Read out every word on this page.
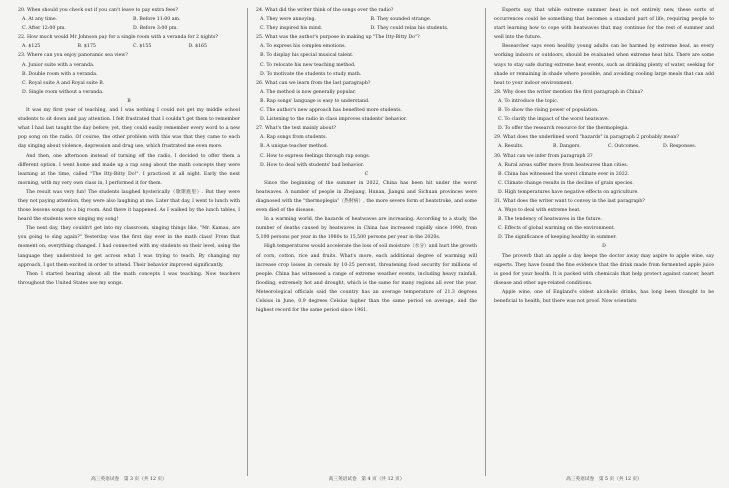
20. When should you check out if you can't leave to pay extra fees?

A. At any time.	B. Before 11:00 am.
C. After 12:00 pm.	D. Before 3:00 pm.

22. How much would Mr Johnson pay for a single room with a veranda for 2 nights?

A. $125	B. $175	C. $155	D. $165

23. Where can you enjoy panoramic sea view?

A. Junior suite with a veranda.

B. Double room with a veranda.

C. Royal suite A and Royal suite B.

D. Single room without a veranda.

B

It was my first year of teaching, and I was nothing I could not get my middle school students to sit down and pay attention. I felt frustrated that I couldn't get them to remember what I had last taught the day before; yet, they could easily remember every word to a new pop song on the radio. Of course, the other problem with this was that they came to each day singing about violence, depression and drug use, which frustrated me even more.

And then, one afternoon instead of turning off the radio, I decided to offer them a different option. I went home and made up a rap song about the math concepts they were learning at the time, called "The Itty-Bitty Do!". I practiced it all night. Early the next morning, with my very own class in, I performed it for them.

The result was very fun! The students laughed hysterically（歇斯底里）. But they were they not paying attention, they were also laughing at me. Later that day, I went to lunch with those lessons songs to a big room. And there it happened. As I walked by the lunch tables, I heard the students were singing my song!

The next day, they couldn't get into my classroom, singing things like, "Mr. Kamau, are you going to sing again?" Yesterday was the first day ever in the math class! From that moment on, everything changed. I had connected with my students on their level, using the language they understood to get across what I was trying to teach. By changing my approach, I got them excited in order to attend. Their behavior improved significantly.

Then I started hearing about all the math concepts I was teaching. Now teachers throughout the United States use my songs.

24. What did the writer think of the songs over the radio?

A. They were annoying.	B. They sounded strange.
C. They inspired his mind.	D. They could relax his students.

25. What was the author's purpose in making up "The Itty-Bitty Do"?

A. To express his complex emotions.

B. To display his special musical talent.

C. To relocate his new teaching method.

D. To motivate the students to study math.

26. What can we learn from the last paragraph?

A. The method is now generally popular.

B. Rap songs' language is easy to understand.

C. The author's new approach has benefited more students.

D. Listening to the radio in class improves students' behavior.

27. What's the text mainly about?

A. Rap songs from students.

B. A unique teacher method.

C. How to express feelings through rap songs.

D. How to deal with students' bad behavior.

C

Since the beginning of the summer in 2022, China has been hit under the worst heatwaves. A number of people in Zhejiang, Hunan, Jiangxi and Sichuan provinces were diagnosed with the "thermoplegia"（热射病）, the more severe form of heatstroke, and some even died of the disease.

In a warming world, the hazards of heatwaves are increasing. According to a study, the number of deaths caused by heatwaves in China has increased rapidly since 1990, from 5,100 persons per year in the 1980s to 15,500 persons per year in the 2020s.

High temperatures would accelerate the loss of soil moisture（水分）and hurt the growth of corn, cotton, rice and fruits. What's more, each additional degree of warming will increase crop losses in cereals by 10-25 percent, threatening food security for millions of people. China has witnessed a range of extreme weather events, including heavy rainfall, flooding, extremely hot and drought, which is the same for many regions all over the year. Meteorological officials said the country has an average temperature of 21.3 degrees Celsius in June, 0.9 degrees Celsius higher than the same period on average, and the highest record for the same period since 1961.

Experts say that while extreme summer heat is not entirely new, these sorts of occurrences could be something that becomes a standard part of life, requiring people to start learning how to cope with heatwaves that may continue for the rest of summer and well into the future.

Researcher says even healthy young adults can be harmed by extreme heat, as every working indoors or outdoors, should be evaluated when extreme heat hits. There are some ways to stay safe during extreme heat events, such as drinking plenty of water, seeking for shade or remaining in shade where possible, and avoiding cooling large meals that can add heat to your indoor environment.

28. Why does the writer mention the first paragraph in China?

A. To introduce the topic.

B. To show the rising power of population.

C. To clarify the impact of the worst heatwave.

D. To offer the research resource for the thermoplegia.

29. What does the underlined word "hazards" in paragraph 2 probably mean?

A. Results.	B. Dangers.	C. Outcomes.	D. Responses.

30. What can we infer from paragraph 3?

A. Rural areas suffer more from heatwaves than cities.

B. China has witnessed the worst climate ever in 2022.

C. Climate change results in the decline of grain species.

D. High temperatures have negative effects on agriculture.

31. What does the writer want to convey in the last paragraph?

A. Ways to deal with extreme heat.

B. The tendency of heatwaves in the future.

C. Effects of global warming on the environment.

D. The significance of keeping healthy in summer.

D

The proverb that an apple a day keeps the doctor away may aspire to apple wine, say experts. They have found the fine evidence that the drink made from fermented apple juice is good for your health. It is packed with chemicals that help protect against cancer, heart disease and other age-related conditions.

Apple wine, one of England's oldest alcoholic drinks, has long been thought to be beneficial to health, but there was not proof. Now scientists

高三英语试卷　第 3 页（共 12 页）	高三英语试卷　第 4 页（共 12 页）	高三英语试卷　第 5 页（共 12 页）
